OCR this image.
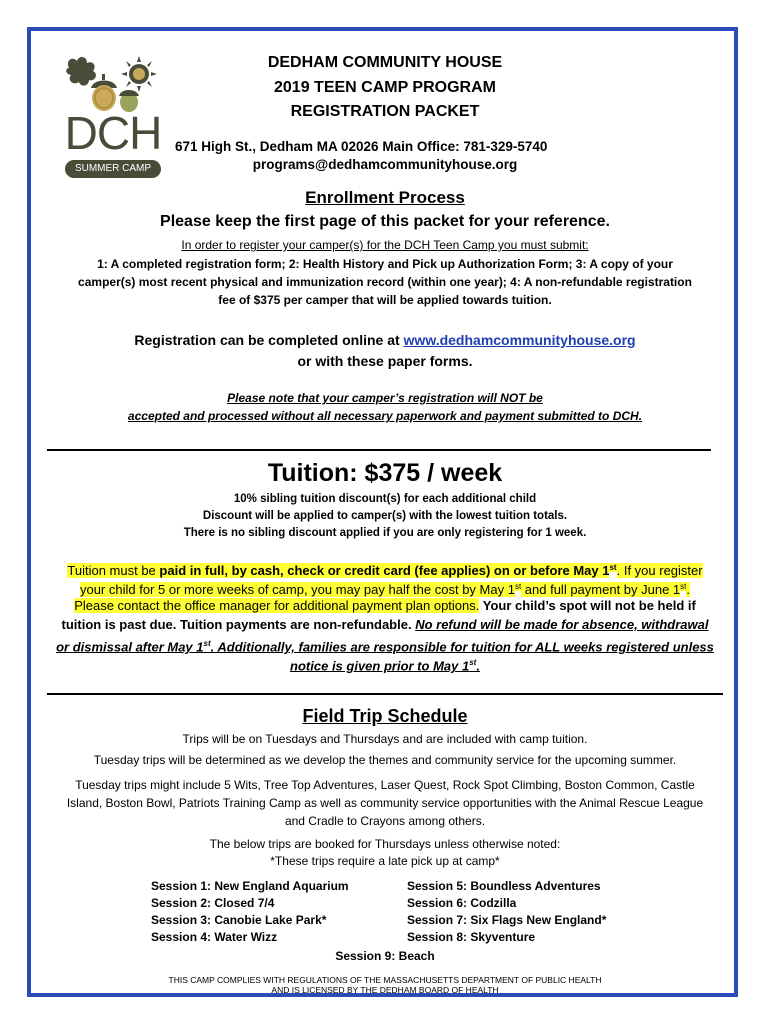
DCH
SUMMER CAMP
DEDHAM COMMUNITY HOUSE
2019 TEEN CAMP PROGRAM
REGISTRATION PACKET
671 High St., Dedham MA 02026 Main Office: 781-329-5740
programs@dedhamcommunityhouse.org
Enrollment Process
Please keep the first page of this packet for your reference.
In order to register your camper(s) for the DCH Teen Camp you must submit:
1: A completed registration form; 2: Health History and Pick up Authorization Form; 3: A copy of your
camper(s) most recent physical and immunization record (within one year); 4: A non-refundable registration
fee of $375 per camper that will be applied towards tuition.
Registration can be completed online at www.dedhamcommunityhouse.org
or with these paper forms.
Please note that your camper’s registration will NOT be
accepted and processed without all necessary paperwork and payment submitted to DCH.
Tuition: $375 / week
10% sibling tuition discount(s) for each additional child
Discount will be applied to camper(s) with the lowest tuition totals.
There is no sibling discount applied if you are only registering for 1 week.
Tuition must be paid in full, by cash, check or credit card (fee applies) on or before May 1st. If you register
your child for 5 or more weeks of camp, you may pay half the cost by May 1st and full payment by June 1st.
Please contact the office manager for additional payment plan options. Your child’s spot will not be held if
tuition is past due. Tuition payments are non-refundable. No refund will be made for absence, withdrawal
or dismissal after May 1st. Additionally, families are responsible for tuition for ALL weeks registered unless
notice is given prior to May 1st.
Field Trip Schedule
Trips will be on Tuesdays and Thursdays and are included with camp tuition.
Tuesday trips will be determined as we develop the themes and community service for the upcoming summer.
Tuesday trips might include 5 Wits, Tree Top Adventures, Laser Quest, Rock Spot Climbing, Boston Common, Castle
Island, Boston Bowl, Patriots Training Camp as well as community service opportunities with the Animal Rescue League
and Cradle to Crayons among others.
The below trips are booked for Thursdays unless otherwise noted:
*These trips require a late pick up at camp*
Session 1: New England Aquarium
Session 2: Closed 7/4
Session 3: Canobie Lake Park*
Session 4: Water Wizz
Session 5: Boundless Adventures
Session 6: Codzilla
Session 7: Six Flags New England*
Session 8: Skyventure
Session 9: Beach
THIS CAMP COMPLIES WITH REGULATIONS OF THE MASSACHUSETTS DEPARTMENT OF PUBLIC HEALTH
AND IS LICENSED BY THE DEDHAM BOARD OF HEALTH
